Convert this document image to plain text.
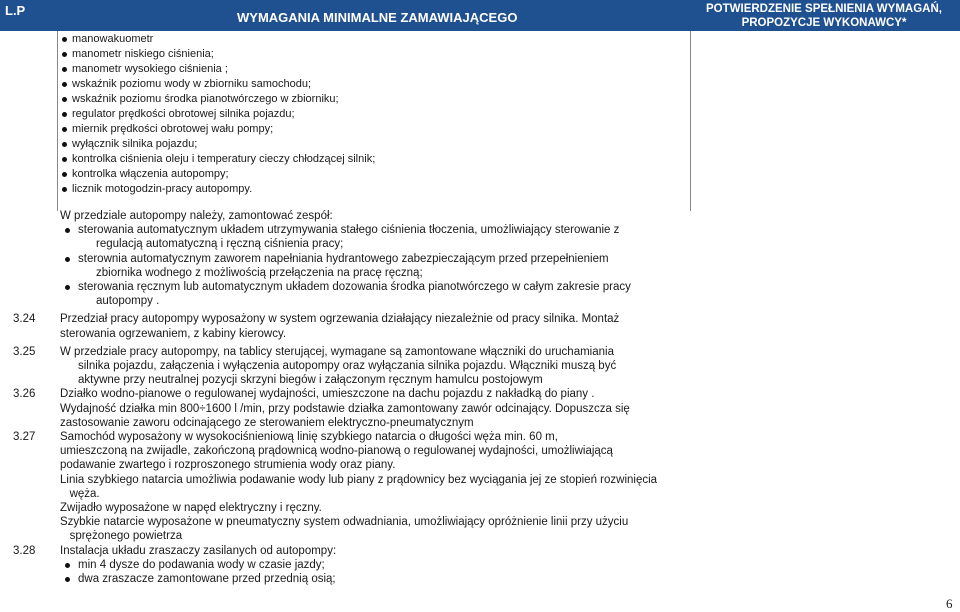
L.P	WYMAGANIA MINIMALNE ZAMAWIAJĄCEGO
POTWIERDZENIE SPEŁNIENIA WYMAGAŃ, PROPOZYCJE WYKONAWCY*
manowakuometr
manometr niskiego ciśnienia;
manometr wysokiego ciśnienia ;
wskaźnik poziomu wody w zbiorniku samochodu;
wskaźnik poziomu środka pianotwórczego w zbiorniku;
regulator prędkości obrotowej silnika pojazdu;
miernik prędkości obrotowej wału pompy;
wyłącznik silnika pojazdu;
kontrolka ciśnienia oleju i temperatury cieczy chłodzącej silnik;
kontrolka włączenia autopompy;
licznik motogodzin-pracy autopompy.
W przedziale autopompy należy, zamontować zespół:
sterowania automatycznym układem utrzymywania stałego ciśnienia tłoczenia, umożliwiający sterowanie z
regulacją automatyczną i ręczną ciśnienia pracy;
sterownia automatycznym zaworem napełniania hydrantowego zabezpieczającym przed przepełnieniem
zbiornika wodnego z możliwością przełączenia na pracę ręczną;
sterowania ręcznym lub automatycznym układem dozowania środka pianotwórczego w całym zakresie pracy
autopompy .
3.24 Przedział pracy autopompy wyposażony w system ogrzewania działający niezależnie od pracy silnika. Montaż
sterowania ogrzewaniem, z kabiny kierowcy.
3.25 W przedziale pracy autopompy, na tablicy sterującej, wymagane są zamontowane włączniki do uruchamiania
silnika pojazdu, załączenia i wyłączenia autopompy oraz wyłączania silnika pojazdu. Włączniki muszą być
aktywne przy neutralnej pozycji skrzyni biegów i załączonym ręcznym hamulcu postojowym
3.26 Działko wodno-pianowe o regulowanej wydajności, umieszczone na dachu pojazdu z nakładką do piany .
Wydajność działka min 800÷1600 l /min, przy podstawie działka zamontowany zawór odcinający. Dopuszcza się
zastosowanie zaworu odcinającego ze sterowaniem elektryczno-pneumatycznym
3.27 Samochód wyposażony w wysokociśnieniową linię szybkiego natarcia o długości węża min. 60 m,
umieszczoną na zwijadle, zakończoną prądownicą wodno-pianową o regulowanej wydajności, umożliwiającą
podawanie zwartego i rozproszonego strumienia wody oraz piany.
Linia szybkiego natarcia umożliwia podawanie wody lub piany z prądownicy bez wyciągania jej ze stopień rozwinięcia
węża.
Zwijadło wyposażone w napęd elektryczny i ręczny.
Szybkie natarcie wyposażone w pneumatyczny system odwadniania, umożliwiający opróżnienie linii przy użyciu
sprężonego powietrza
3.28 Instalacja układu zraszaczy zasilanych od autopompy:
min 4 dysze do podawania wody w czasie jazdy;
dwa zraszacze zamontowane przed przednią osią;
6
